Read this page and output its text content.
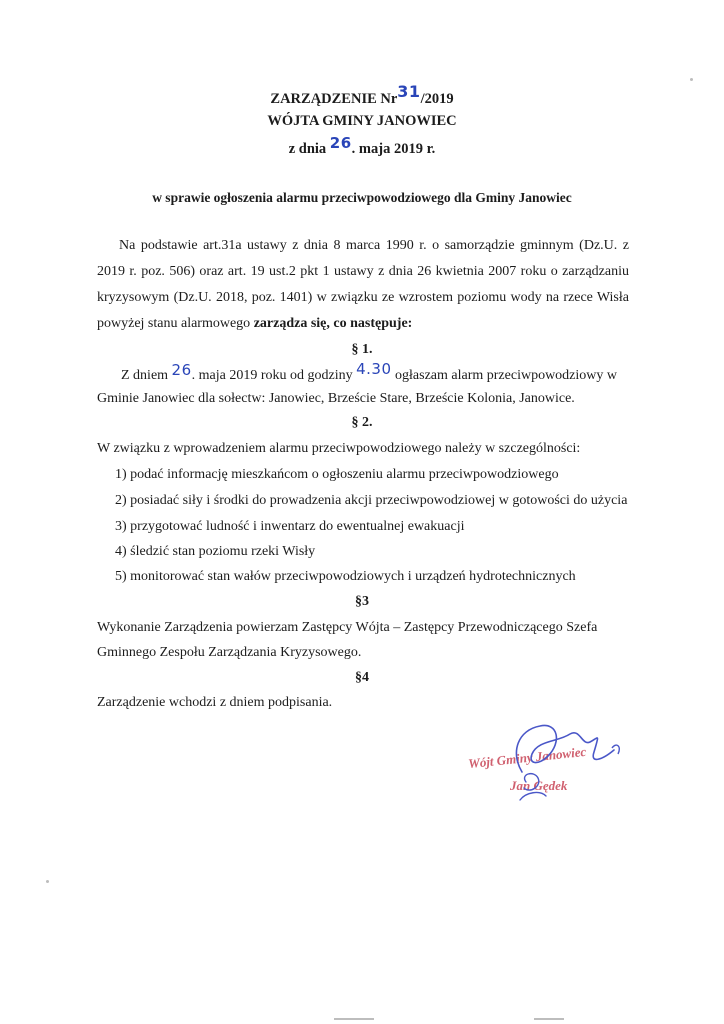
ZARZĄDZENIE Nr31/2019
WÓJTA GMINY JANOWIEC
z dnia 26. maja 2019 r.
w sprawie ogłoszenia alarmu przeciwpowodziowego dla Gminy Janowiec
Na podstawie art.31a ustawy z dnia 8 marca 1990 r. o samorządzie gminnym (Dz.U. z 2019 r. poz. 506) oraz art. 19 ust.2 pkt 1 ustawy z dnia 26 kwietnia 2007 roku o zarządzaniu kryzysowym (Dz.U. 2018, poz. 1401) w związku ze wzrostem poziomu wody na rzece Wisła powyżej stanu alarmowego zarządza się, co następuje:
§ 1.
Z dniem 26. maja 2019 roku od godziny 4.30 ogłaszam alarm przeciwpowodziowy w
Gminie Janowiec dla sołectw: Janowiec, Brzeście Stare, Brzeście Kolonia, Janowice.
§ 2.
W związku z wprowadzeniem alarmu przeciwpowodziowego należy w szczególności:
1) podać informację mieszkańcom o ogłoszeniu alarmu przeciwpowodziowego
2) posiadać siły i środki do prowadzenia akcji przeciwpowodziowej w gotowości do użycia
3) przygotować ludność i inwentarz do ewentualnej ewakuacji
4) śledzić stan poziomu rzeki Wisły
5) monitorować stan wałów przeciwpowodziowych i urządzeń hydrotechnicznych
§3
Wykonanie Zarządzenia powierzam Zastępcy Wójta – Zastępcy Przewodniczącego Szefa
Gminnego Zespołu Zarządzania Kryzysowego.
§4
Zarządzenie wchodzi z dniem podpisania.
Wójt Gminy Janowiec
Jan Gędek
